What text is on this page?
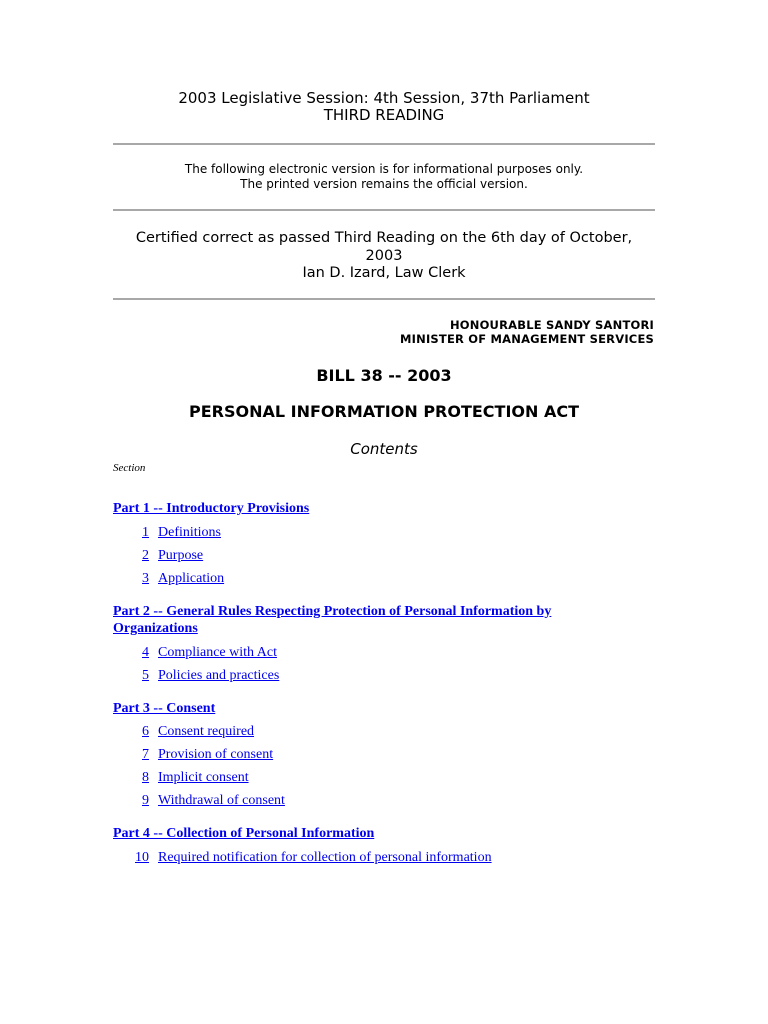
2003 Legislative Session: 4th Session, 37th Parliament
THIRD READING
The following electronic version is for informational purposes only.
The printed version remains the official version.
Certified correct as passed Third Reading on the 6th day of October,
2003
Ian D. Izard, Law Clerk
HONOURABLE SANDY SANTORI
MINISTER OF MANAGEMENT SERVICES
BILL 38 -- 2003
PERSONAL INFORMATION PROTECTION ACT
Contents
Section
Part 1 -- Introductory Provisions
1 Definitions
2 Purpose
3 Application
Part 2 -- General Rules Respecting Protection of Personal Information by
Organizations
4 Compliance with Act
5 Policies and practices
Part 3 -- Consent
6 Consent required
7 Provision of consent
8 Implicit consent
9 Withdrawal of consent
Part 4 -- Collection of Personal Information
10 Required notification for collection of personal information
